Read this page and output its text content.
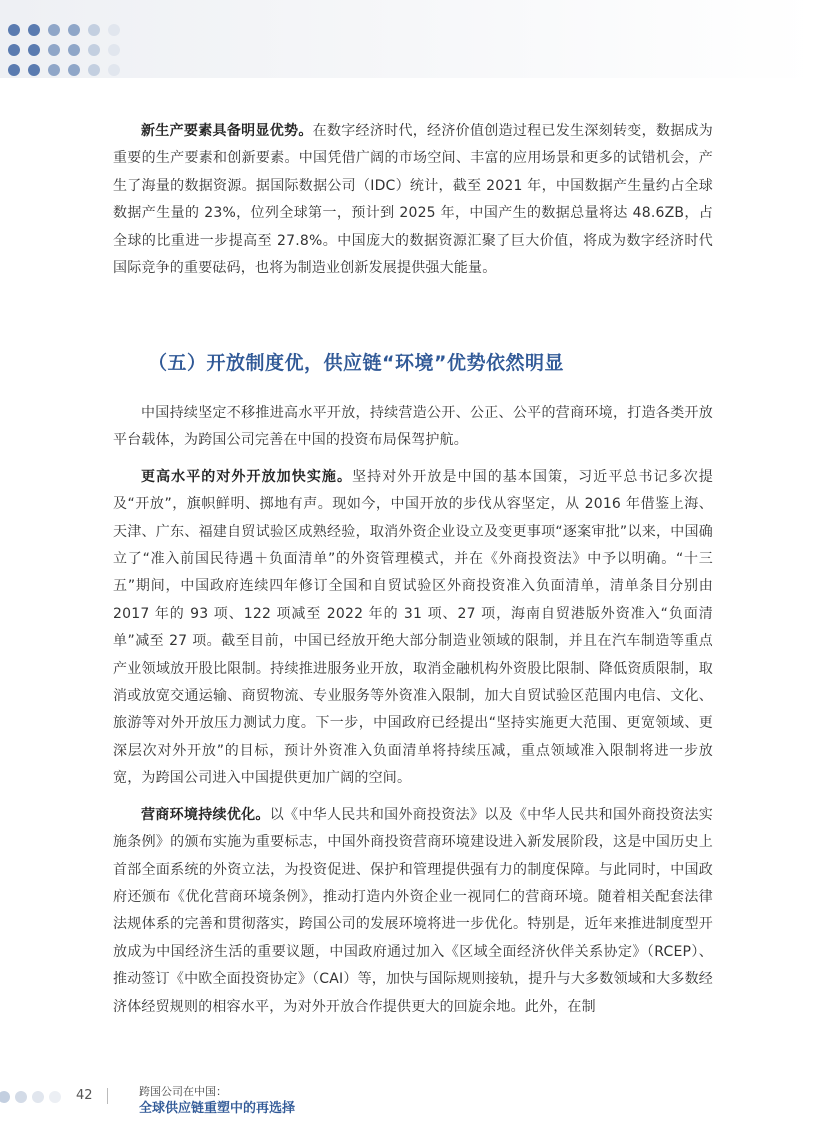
新生产要素具备明显优势。在数字经济时代，经济价值创造过程已发生深刻转变，数据成为重要的生产要素和创新要素。中国凭借广阔的市场空间、丰富的应用场景和更多的试错机会，产生了海量的数据资源。据国际数据公司（IDC）统计，截至 2021 年，中国数据产生量约占全球数据产生量的 23%，位列全球第一，预计到 2025 年，中国产生的数据总量将达 48.6ZB，占全球的比重进一步提高至 27.8%。中国庞大的数据资源汇聚了巨大价值，将成为数字经济时代国际竞争的重要砝码，也将为制造业创新发展提供强大能量。

（五）开放制度优，供应链“环境”优势依然明显

中国持续坚定不移推进高水平开放，持续营造公开、公正、公平的营商环境，打造各类开放平台载体，为跨国公司完善在中国的投资布局保驾护航。

更高水平的对外开放加快实施。坚持对外开放是中国的基本国策，习近平总书记多次提及“开放”，旗帜鲜明、掷地有声。现如今，中国开放的步伐从容坚定，从 2016 年借鉴上海、天津、广东、福建自贸试验区成熟经验，取消外资企业设立及变更事项“逐案审批”以来，中国确立了“准入前国民待遇＋负面清单”的外资管理模式，并在《外商投资法》中予以明确。“十三五”期间，中国政府连续四年修订全国和自贸试验区外商投资准入负面清单，清单条目分别由 2017 年的 93 项、122 项减至 2022 年的 31 项、27 项，海南自贸港版外资准入“负面清单”减至 27 项。截至目前，中国已经放开绝大部分制造业领域的限制，并且在汽车制造等重点产业领域放开股比限制。持续推进服务业开放，取消金融机构外资股比限制、降低资质限制，取消或放宽交通运输、商贸物流、专业服务等外资准入限制，加大自贸试验区范围内电信、文化、旅游等对外开放压力测试力度。下一步，中国政府已经提出“坚持实施更大范围、更宽领域、更深层次对外开放”的目标，预计外资准入负面清单将持续压减，重点领域准入限制将进一步放宽，为跨国公司进入中国提供更加广阔的空间。

营商环境持续优化。以《中华人民共和国外商投资法》以及《中华人民共和国外商投资法实施条例》的颁布实施为重要标志，中国外商投资营商环境建设进入新发展阶段，这是中国历史上首部全面系统的外资立法，为投资促进、保护和管理提供强有力的制度保障。与此同时，中国政府还颁布《优化营商环境条例》，推动打造内外资企业一视同仁的营商环境。随着相关配套法律法规体系的完善和贯彻落实，跨国公司的发展环境将进一步优化。特别是，近年来推进制度型开放成为中国经济生活的重要议题，中国政府通过加入《区域全面经济伙伴关系协定》（RCEP）、推动签订《中欧全面投资协定》（CAI）等，加快与国际规则接轨，提升与大多数领域和大多数经济体经贸规则的相容水平，为对外开放合作提供更大的回旋余地。此外，在制

42	跨国公司在中国：
全球供应链重塑中的再选择
